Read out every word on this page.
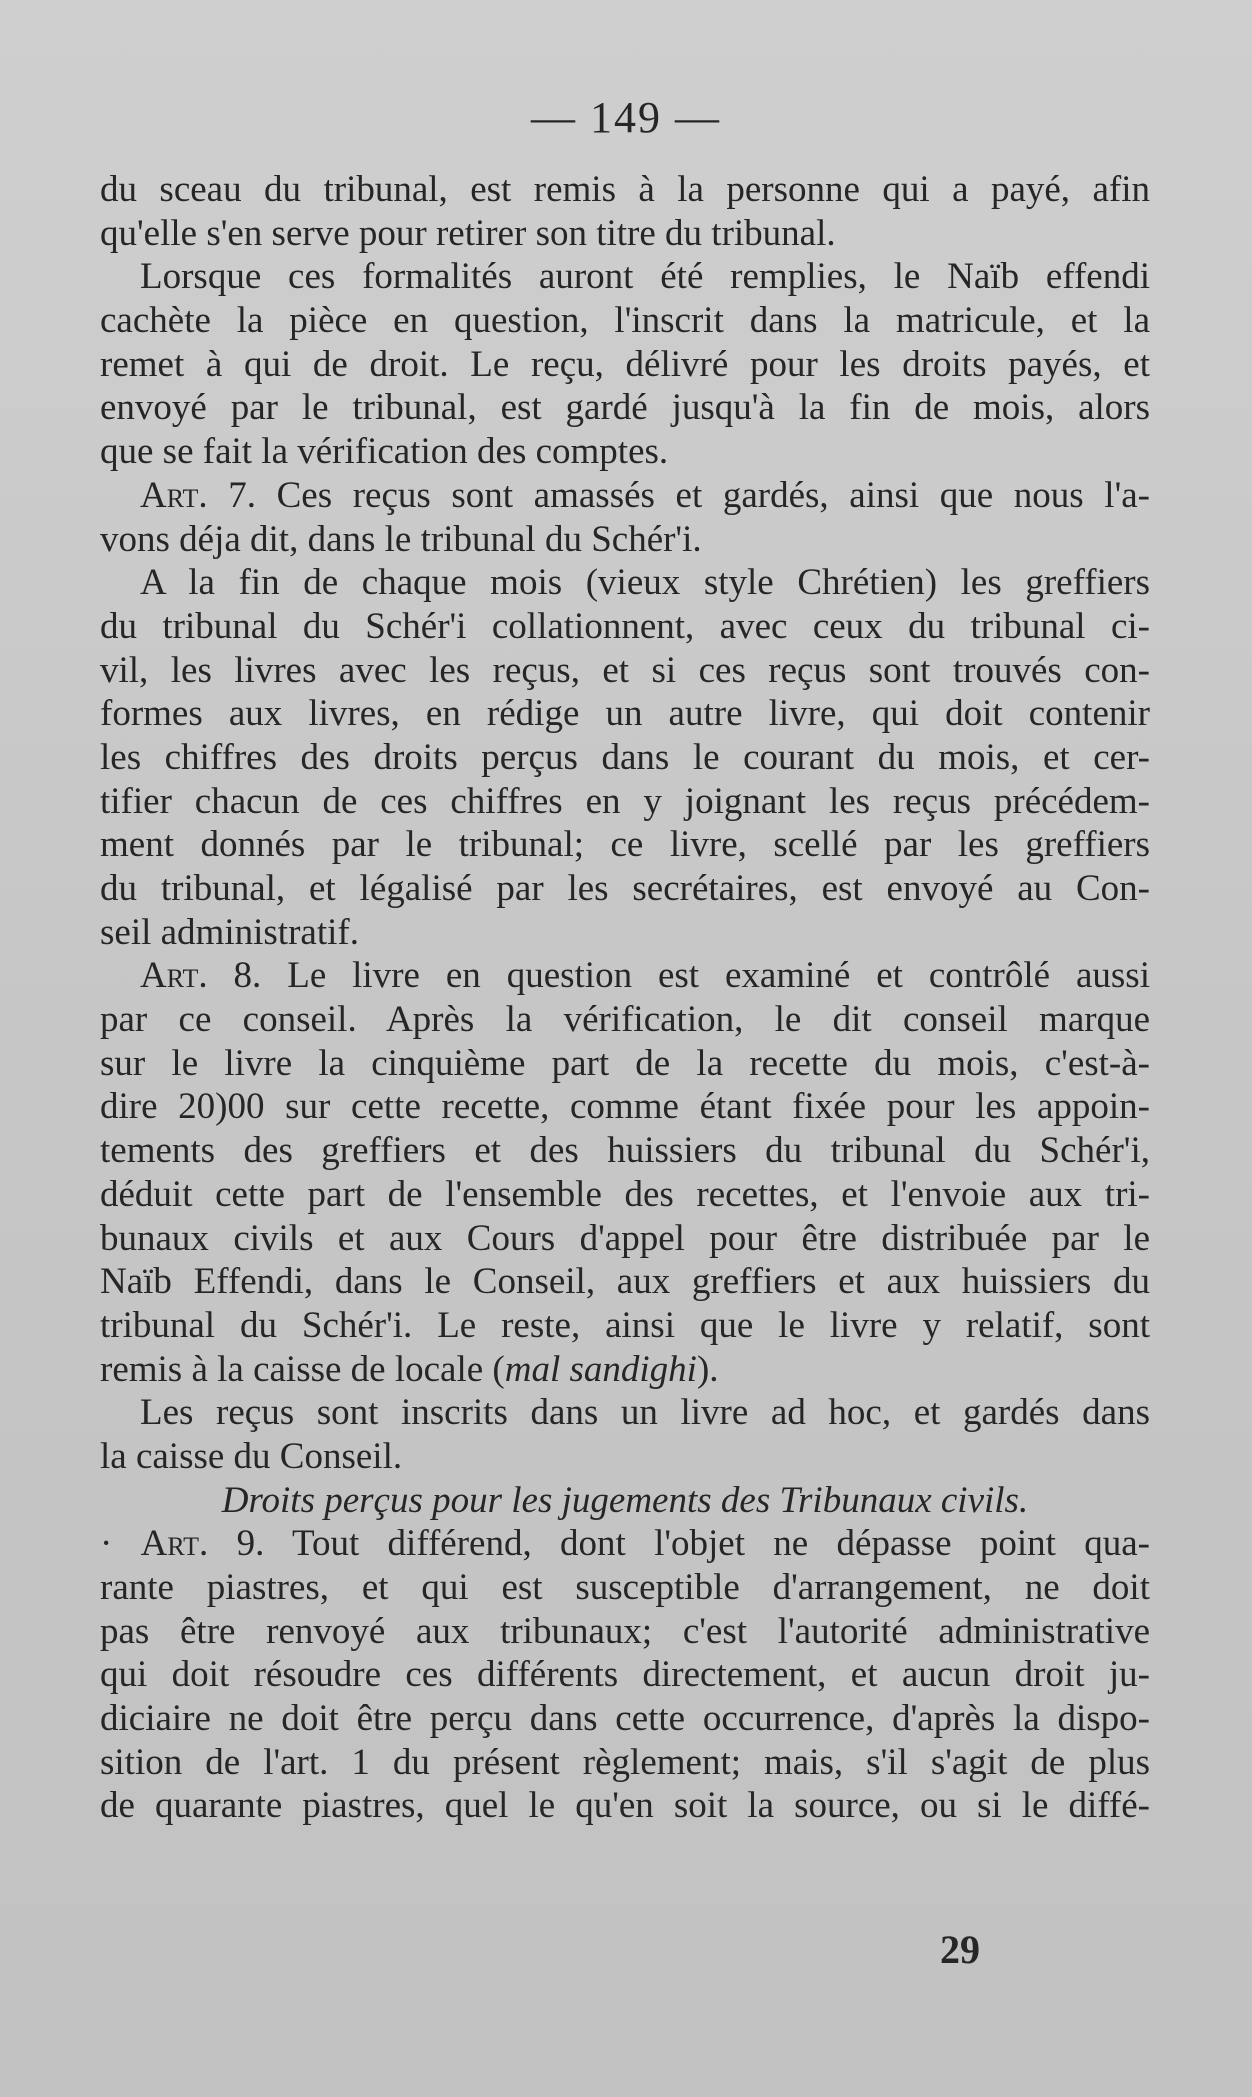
— 149 —
du sceau du tribunal, est remis à la personne qui a payé, afin
qu'elle s'en serve pour retirer son titre du tribunal.
Lorsque ces formalités auront été remplies, le Naïb effendi
cachète la pièce en question, l'inscrit dans la matricule, et la
remet à qui de droit. Le reçu, délivré pour les droits payés, et
envoyé par le tribunal, est gardé jusqu'à la fin de mois, alors
que se fait la vérification des comptes.
Art. 7. Ces reçus sont amassés et gardés, ainsi que nous l'a-
vons déja dit, dans le tribunal du Schér'i.
A la fin de chaque mois (vieux style Chrétien) les greffiers
du tribunal du Schér'i collationnent, avec ceux du tribunal ci-
vil, les livres avec les reçus, et si ces reçus sont trouvés con-
formes aux livres, en rédige un autre livre, qui doit contenir
les chiffres des droits perçus dans le courant du mois, et cer-
tifier chacun de ces chiffres en y joignant les reçus précédem-
ment donnés par le tribunal; ce livre, scellé par les greffiers
du tribunal, et légalisé par les secrétaires, est envoyé au Con-
seil administratif.
Art. 8. Le livre en question est examiné et contrôlé aussi
par ce conseil. Après la vérification, le dit conseil marque
sur le livre la cinquième part de la recette du mois, c'est-à-
dire 20)00 sur cette recette, comme étant fixée pour les appoin-
tements des greffiers et des huissiers du tribunal du Schér'i,
déduit cette part de l'ensemble des recettes, et l'envoie aux tri-
bunaux civils et aux Cours d'appel pour être distribuée par le
Naïb Effendi, dans le Conseil, aux greffiers et aux huissiers du
tribunal du Schér'i. Le reste, ainsi que le livre y relatif, sont
remis à la caisse de locale (mal sandighi).
Les reçus sont inscrits dans un livre ad hoc, et gardés dans
la caisse du Conseil.
Droits perçus pour les jugements des Tribunaux civils.
· Art. 9. Tout différend, dont l'objet ne dépasse point qua-
rante piastres, et qui est susceptible d'arrangement, ne doit
pas être renvoyé aux tribunaux; c'est l'autorité administrative
qui doit résoudre ces différents directement, et aucun droit ju-
diciaire ne doit être perçu dans cette occurrence, d'après la dispo-
sition de l'art. 1 du présent règlement; mais, s'il s'agit de plus
de quarante piastres, quel le qu'en soit la source, ou si le diffé-
29
